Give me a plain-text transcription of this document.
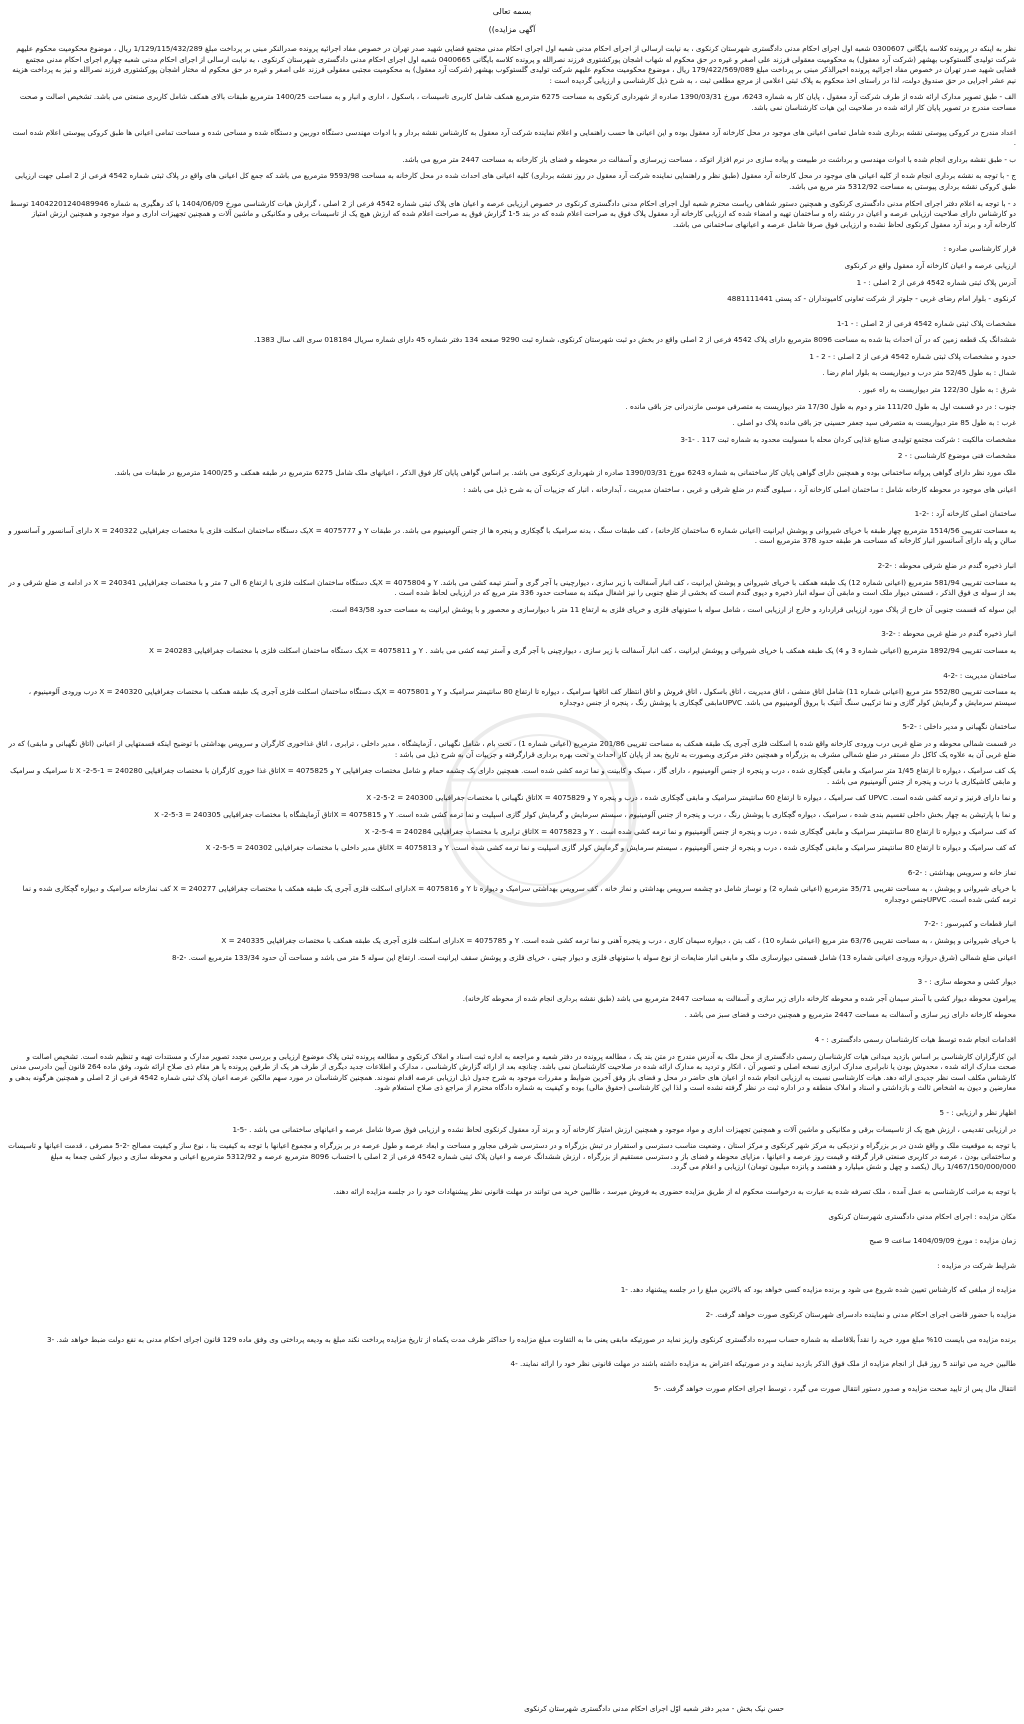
بسمه تعالی
آگهی مزایده))
نظر به اینکه در پرونده کلاسه بایگانی 0300607 شعبه اول اجرای احکام مدنی دادگستری شهرستان کرنکوی ، به نیابت ارسالی از اجرای احکام مدنی شعبه اول اجرای احکام مدنی مجتمع قضایی شهید صدر تهران در خصوص مفاد اجرائیه پرونده صدرالنکر مبنی بر پرداخت مبلغ 1/129/115/432/289 ریال ، موضوع محکومیت محکوم علیهم شرکت تولیدی گلستوکوب بهشهر (شرکت آرد معقول) به محکومیت معقولی فرزند علی اصغر و غیره در حق محکوم له شهاب اشجان پورکشتوری فرزند نصرالله و پرونده کلاسه بایگانی 0400665 شعبه اول اجرای احکام مدنی دادگستری شهرستان کرنکوی ، به نیابت ارسالی از اجرای احکام مدنی شعبه چهارم اجرای احکام مدنی مجتمع قضایی شهید صدر تهران در خصوص مفاد اجرائیه پرونده اخیرالذکر مبنی بر پرداخت مبلغ 179/422/569/089 ریال ، موضوع محکومیت محکوم علیهم شرکت تولیدی گلستوکوب بهشهر (شرکت آرد معقول) به محکومیت مجتبی معقولی فرزند علی اصغر و غیره در حق محکوم له مختار اشجان پورکشتوری فرزند نصرالله و نیز به پرداخت هزینه نیم عشر اجرایی در حق صندوق دولت، لذا در راستای اخذ محکوم به پلاک ثبتی اعلامی از مرجع مطلعی ثبت ، به شرح ذیل کارشناسی و ارزیابی گردیده است :
الف - طبق تصویر مدارک ارائه شده از طرف شرکت آرد معقول ، پایان کار به شماره 6243، مورخ 1390/03/31 صادره از شهرداری کرنکوی به مساحت 6275 مترمربع همکف شامل کاربری تاسیسات ، باسکول ، اداری و انبار و به مساحت 1400/25 مترمربع طبقات بالای همکف شامل کاربری صنعتی می باشد. تشخیص اصالت و صحت مساحت مندرج در تصویر پایان کار ارائه شده در صلاحیت این هیات کارشناسان نمی باشد.
اعداد مندرج در کروکی پیوستی نقشه برداری شده شامل تمامی اعیانی های موجود در محل کارخانه آرد معقول بوده و این اعیانی ها حسب راهنمایی و اعلام نماینده شرکت آرد معقول به کارشناس نقشه بردار و با ادوات مهندسی دستگاه دوربین و دستگاه شده و مساحی شده و مساحت تمامی اعیانی ها طبق کروکی پیوستی اعلام شده است .
ب - طبق نقشه برداری انجام شده با ادوات مهندسی و برداشت در طبیعت و پیاده سازی در نرم افزار اتوکد ، مساحت زیرسازی و آسفالت در محوطه و فضای باز کارخانه به مساحت 2447 متر مربع می باشد.
ج - با توجه به نقشه برداری انجام شده از کلیه اعیانی های موجود در محل کارخانه آرد معقول (طبق نظر و راهنمایی نماینده شرکت آرد معقول در روز نقشه برداری) کلیه اعیانی های احداث شده در محل کارخانه به مساحت 9593/98 مترمربع می باشد که جمع کل اعیانی های واقع در پلاک ثبتی شماره 4542 فرعی از 2 اصلی جهت ارزیابی طبق کروکی نقشه برداری پیوستی به مساحت 5312/92 متر مربع می باشد.
د - با توجه به اعلام دفتر اجرای احکام مدنی دادگستری کرنکوی و همچنین دستور شفاهی ریاست محترم شعبه اول اجرای احکام مدنی دادگستری کرنکوی در خصوص ارزیابی عرصه و اعیان های پلاک ثبتی شماره 4542 فرعی از 2 اصلی ، گزارش هیات کارشناسی مورخ 1404/06/09 با کد رهگیری به شماره 14042201240489946 توسط دو کارشناس دارای صلاحیت ارزیابی عرصه و اعیان در رشته راه و ساختمان تهیه و امضاء شده که ارزیابی کارخانه آرد معقول پلاک فوق به صراحت اعلام شده که در بند 5-1 گزارش فوق به صراحت اعلام شده که ارزش هیچ یک از تاسیسات برقی و مکانیکی و ماشین آلات و همچنین تجهیزات اداری و مواد موجود و همچنین ارزش امتیاز کارخانه آرد و برند آرد معقول کرنکوی لحاظ نشده و ارزیابی فوق صرفا شامل عرصه و اعیانهای ساختمانی می باشد.
قرار کارشناسی صادره :
ارزیابی عرصه و اعیان کارخانه آرد معقول واقع در کرنکوی
آدرس پلاک ثبتی شماره 4542 فرعی از 2 اصلی : - 1
کرنکوی - بلوار امام رضای غربی - جلوتر از شرکت تعاونی کامیونداران - کد پستی 4881111441
مشخصات پلاک ثبتی شماره 4542 فرعی از 2 اصلی : - 1-1
ششدانگ یک قطعه زمین که در آن احداث بنا شده به مساحت 8096 مترمربع دارای پلاک 4542 فرعی از 2 اصلی واقع در بخش دو ثبت شهرستان کرنکوی، شماره ثبت 9290 صفحه 134 دفتر شماره 45 دارای شماره سریال 018184 سری الف سال 1383.
حدود و مشخصات پلاک ثبتی شماره 4542 فرعی از 2 اصلی : - 2 - 1
شمال : به طول 52/45 متر درب و دیواریست به بلوار امام رضا .
شرق : به طول 122/30 متر دیواریست به راه عبور .
جنوب : در دو قسمت اول به طول 111/20 متر و دوم به طول 17/30 متر دیواریست به متصرفی موسی مازندرانی جز باقی مانده .
غرب : به طول 85 متر دیواریست به متصرفی سید جعفر حسینی جز باقی مانده پلاک دو اصلی .
مشخصات مالکیت : شرکت مجتمع تولیدی صنایع غذایی کردان محله با مسولیت محدود به شماره ثبت 117 . -1-3
مشخصات فنی موضوع کارشناسی : - 2
ملک مورد نظر دارای گواهی پروانه ساختمانی بوده و همچنین دارای گواهی پایان کار ساختمانی به شماره 6243 مورخ 1390/03/31 صادره از شهرداری کرنکوی می باشد. بر اساس گواهی پایان کار فوق الذکر ، اعیانهای ملک شامل 6275 مترمربع در طبقه همکف و 1400/25 مترمربع در طبقات می باشد.
اعیانی های موجود در محوطه کارخانه شامل : ساختمان اصلی کارخانه آرد ، سیلوی گندم در ضلع شرقی و غربی ، ساختمان مدیریت ، آبدارخانه ، انبار که جزییات آن به شرح ذیل می باشد :
ساختمان اصلی کارخانه آرد : -2-1
به مساحت تقریبی 1514/56 مترمربع چهار طبقه با خرپای شیروانی و پوشش ایرانیت (اعیانی شماره 6 ساختمان کارخانه) ، کف طبقات سنگ ، بدنه سرامیک با گچکاری و پنجره ها از جنس آلومینیوم می باشد. در طبقات Y و 4075777 = Xیک دستگاه ساختمان اسکلت فلزی با مختصات جغرافیایی 240322 = X دارای آسانسور و آسانسور و سالن و پله دارای آسانسور انبار کارخانه که مساحت هر طبقه حدود 378 مترمربع است .
انبار ذخیره گندم در ضلع شرقی محوطه : -2-2
به مساحت تقریبی 581/94 مترمربع (اعیانی شماره 12) یک طبقه همکف با خرپای شیروانی و پوشش ایرانیت ، کف انبار آسفالت با زیر سازی ، دیوارچینی با آجر گری و آستر تیمه کشی می باشد. Y و 4075804 = Xیک دستگاه ساختمان اسکلت فلزی با ارتفاع 6 الی 7 متر و با مختصات جغرافیایی 240341 = X در ادامه ی ضلع شرقی و در بعد از سوله ی فوق الذکر ، قسمتی دیوار ملک است و مابقی آن سوله انبار ذخیره و دپوی گندم است که بخشی از ضلع جنوبی را نیز اشغال میکند به مساحت حدود 336 متر مربع که در ارزیابی لحاظ شده است .
این سوله که قسمت جنوبی آن خارج از پلاک مورد ارزیابی قراردارد و خارج از ارزیابی است ، شامل سوله با ستونهای فلزی و خرپای فلزی به ارتفاع 11 متر با دیوارسازی و محصور و با پوشش ایرانیت به مساحت حدود 843/58 است.
انبار ذخیره گندم در ضلع غربی محوطه : -2-3
به مساحت تقریبی 1892/94 مترمربع (اعیانی شماره 3 و 4) یک طبقه همکف با خرپای شیروانی و پوشش ایرانیت ، کف انبار آسفالت با زیر سازی ، دیوارچینی با آجر گری و آستر تیمه کشی می باشد . Y و 4075811 = Xیک دستگاه ساختمان اسکلت فلزی با مختصات جغرافیایی 240283 = X
ساختمان مدیریت : -2-4
به مساحت تقریبی 552/80 متر مربع (اعیانی شماره 11) شامل اتاق منشی ، اتاق مدیریت ، اتاق باسکول ، اتاق فروش و اتاق انتظار کف اتاقها سرامیک ، دیواره تا ارتفاع 80 سانتیمتر سرامیک و Y و 4075801 = Xیک دستگاه ساختمان اسکلت فلزی آجری یک طبقه همکف با مختصات جغرافیایی 240320 = X درب ورودی آلومینیوم ، سیستم سرمایش و گرمایش کولر گازی و نما ترکیبی سنگ آنتیک با بروق آلومینیوم می باشد. UPVCمابقی گچکاری با پوشش رنگ ، پنجره از جنس دوجداره
ساختمان نگهبانی و مدیر داخلی : -2-5
در قسمت شمالی محوطه و در ضلع غربی درب ورودی کارخانه واقع شده با اسکلت فلزی آجری یک طبقه همکف به مساحت تقریبی 201/86 مترمربع (اعیانی شماره 1) ، تحت بام ، شامل نگهبانی ، آزمایشگاه ، مدیر داخلی ، ترابری ، اتاق غذاخوری کارگران و سرویس بهداشتی با توضیح اینکه قسمتهایی از اعیانی (اتاق نگهبانی و مابقی) که در ضلع غربی آن به علاوه یک کاکل دار مستقر در ضلع شمالی مشرف به بزرگراه و همچنین دفتر مرکزی وبصورت به تاریخ بعد از پایان کار احداث و تحت بهره برداری قرارگرفته و جزییات آن به شرح ذیل می باشد :
یک کف سرامیک ، دیواره تا ارتفاع 1/45 متر سرامیک و مابقی گچکاری شده ، درب و پنجره از جنس آلومینیوم ، دارای گاز ، سینک و کابینت و نما ترمه کشی شده است. همچنین دارای یک چشمه حمام و شامل مختصات جغرافیایی Y و 4075825 = Xاتاق غذا خوری کارگران با مختصات جغرافیایی 240280 = X -2-5-1 تا سرامیک و سرامیک و مابقی کاشیکاری با درب و پنجره از جنس آلومینیوم می باشد .
و نما دارای قرنیز و ترمه کشی شده است. UPVC کف سرامیک ، دیواره تا ارتفاع 60 سانتیمتر سرامیک و مابقی گچکاری شده ، درب و پنجره Y و 4075829 = Xاتاق نگهبانی با مختصات جغرافیایی 240300 = X -2-5-2
و نما با پارتیشن به چهار بخش داخلی تقسیم بندی شده ، سرامیک ، دیواره گچکاری با پوشش رنگ ، درب و پنجره از جنس آلومینیوم ، سیستم سرمایش و گرمایش کولر گازی اسپلیت و نما ترمه کشی شده است. Y و 4075815 = Xاتاق آزمایشگاه با مختصات جغرافیایی 240305 = X -2-5-3
که کف سرامیک و دیواره تا ارتفاع 80 سانتیمتر سرامیک و مابقی گچکاری شده ، درب و پنجره از جنس آلومینیوم و نما ترمه کشی شده است . Y و 4075823 = Xاتاق ترابری با مختصات جغرافیایی 240284 = X -2-5-4
که کف سرامیک و دیواره تا ارتفاع 80 سانتیمتر سرامیک و مابقی گچکاری شده ، درب و پنجره از جنس آلومینیوم ، سیستم سرمایش و گرمایش کولر گازی اسپلیت و نما ترمه کشی شده است. Y و 4075813 = Xاتاق مدیر داخلی با مختصات جغرافیایی 240302 = X -2-5-5
نماز خانه و سرویس بهداشتی : -2-6
با خرپای شیروانی و پوشش ، به مساحت تقریبی 35/71 مترمربع (اعیانی شماره 2) و نوساز شامل دو چشمه سرویس بهداشتی و نماز خانه ، کف سرویس بهداشتی سرامیک و دیواره تا Y و 4075816 = Xدارای اسکلت فلزی آجری یک طبقه همکف با مختصات جغرافیایی 240277 = X کف نمازخانه سرامیک و دیواره گچکاری شده و نما ترمه کشی شده است. UPVCجنس دوجداره
انبار قطعات و کمپرسور : -2-7
با خرپای شیروانی و پوشش ، به مساحت تقریبی 63/76 متر مربع (اعیانی شماره 10) ، کف بتن ، دیواره سیمان کاری ، درب و پنجره آهنی و نما ترمه کشی شده است. Y و 4075785 = Xدارای اسکلت فلزی آجری یک طبقه همکف با مختصات جغرافیایی 240335 = X
اعیانی ضلع شمالی (شرق دروازه ورودی اعیانی شماره 13) شامل قسمتی دیوارسازی ملک و مابقی انبار ضایعات از نوع سوله با ستونهای فلزی و دیوار چینی ، خرپای فلزی و پوشش سقف ایرانیت است. ارتفاع این سوله 5 متر می باشد و مساحت آن حدود 133/34 مترمربع است. -2-8
دیوار کشی و محوطه سازی : - 3
پیرامون محوطه دیوار کشی با آستر سیمان آجر شده و محوطه کارخانه دارای زیر سازی و آسفالت به مساحت 2447 مترمربع می باشد (طبق نقشه برداری انجام شده از محوطه کارخانه).
محوطه کارخانه دارای زیر سازی و آسفالت به مساحت 2447 مترمربع و همچنین درخت و فضای سبز می باشد .
اقدامات انجام شده توسط هیات کارشناسان رسمی دادگستری : - 4
این کارگزاران کارشناسی بر اساس بازدید میدانی هیات کارشناسان رسمی دادگستری از محل ملک به آدرس مندرج در متن بند یک ، مطالعه پرونده در دفتر شعبه و مراجعه به اداره ثبت اسناد و املاک کرنکوی و مطالعه پرونده ثبتی پلاک موضوع ارزیابی و بررسی مجدد تصویر مدارک و مستندات تهیه و تنظیم شده است. تشخیص اصالت و صحت مدارک ارائه شده ، محدوش بودن یا نابرابری مدارک ابرازی نسخه اصلی و تصویر آن ، انکار و تردید به مدارک ارائه شده در صلاحیت کارشناسان نمی باشد. چنانچه بعد از ارائه گزارش کارشناسی ، مدارک و اطلاعات جدید دیگری از طرف هر یک از طرفین پرونده یا هر مقام ذی صلاح ارائه شود، وفق ماده 264 قانون آیین دادرسی مدنی کارشناس مکلف است نظر جدیدی ارائه دهد. هیات کارشناسی نسبت به ارزیابی انجام شده از اعیان های حاضر در محل و فضای باز وفق آخرین ضوابط و مقررات موجود به شرح جدول ذیل ارزیابی عرصه اقدام نمودند. همچنین کارشناسان در مورد سهم مالکین عرصه اعیان پلاک ثبتی شماره 4542 فرعی از 2 اصلی و همچنین هرگونه بدهی و معارضین و دیون به اشخاص ثالث و بازداشتی و اسناد و املاک منطقه و در اداره ثبت در نظر گرفته نشده است و لذا این کارشناسی (حقوق مالی) بوده و کیفیت به شماره دادگاه محترم از مراجع ذی صلاح استعلام شود.
اظهار نظر و ارزیابی : - 5
در ارزیابی تقدیمی ، ارزش هیچ یک از تاسیسات برقی و مکانیکی و ماشین آلات و همچنین تجهیزات اداری و مواد موجود و همچنین ارزش امتیاز کارخانه آرد و برند آرد معقول کرنکوی لحاظ نشده و ارزیابی فوق صرفا شامل عرصه و اعیانهای ساختمانی می باشد . -5-1
با توجه به موقعیت ملک و واقع شدن در بر بزرگراه و نزدیکی به مرکز شهر کرنکوی و مرکز استان ، وضعیت مناسب دسترسی و استقرار در تبش بزرگراه و در دسترسی شرقی مجاور و مساحت و ابعاد عرصه و طول عرصه در بر بزرگراه و مجموع اعیانها با توجه به کیفیت بنا ، نوع ساز و کیفیت مصالح -2-5 مصرفی ، قدمت اعیانها و تاسیسات و ساختمانی بودن ، عرصه در کاربری صنعتی قرار گرفته و قیمت روز عرصه و اعیانها ، مزایای محوطه و فضای باز و دسترسی مستقیم از بزرگراه ، ارزش ششدانگ عرصه و اعیان پلاک ثبتی شماره 4542 فرعی از 2 اصلی با احتساب 8096 مترمربع عرصه و 5312/92 مترمربع اعیانی و محوطه سازی و دیوار کشی جمعا به مبلغ 1/467/150/000/000 ریال (یکصد و چهل و شش میلیارد و هفتصد و پانزده میلیون تومان) ارزیابی و اعلام می گردد.
با توجه به مراتب کارشناسی به عمل آمده ، ملک تصرفه شده به عبارت به درخواست محکوم له از طریق مزایده حضوری به فروش میرسد ، طالبین خرید می توانند در مهلت قانونی نظر پیشنهادات خود را در جلسه مزایده ارائه دهند.
مکان مزایده : اجرای احکام مدنی دادگستری شهرستان کرنکوی
زمان مزایده : مورخ 1404/09/09 ساعت 9 صبح
شرایط شرکت در مزایده :
مزایده از مبلغی که کارشناس تعیین شده شروع می شود و برنده مزایده کسی خواهد بود که بالاترین مبلغ را در جلسه پیشنهاد دهد. -1
مزایده با حضور قاضی اجرای احکام مدنی و نماینده دادسرای شهرستان کرنکوی صورت خواهد گرفت. -2
برنده مزایده می بایست 10% مبلغ مورد خرید را نقداً بلافاصله به شماره حساب سپرده دادگستری کرنکوی واریز نماید در صورتیکه مابقی یعنی ما به التفاوت مبلغ مزایده را حداکثر ظرف مدت یکماه از تاریخ مزایده پرداخت نکند مبلغ به ودیعه پرداختی وی وفق ماده 129 قانون اجرای احکام مدنی به نفع دولت ضبط خواهد شد. -3
طالبین خرید می توانند 5 روز قبل از انجام مزایده از ملک فوق الذکر بازدید نمایند و در صورتیکه اعتراض به مزایده داشته باشند در مهلت قانونی نظر خود را ارائه نمایند. -4
انتقال مال پس از تایید صحت مزایده و صدور دستور انتقال صورت می گیرد ، توسط اجرای احکام صورت خواهد گرفت. -5
حسن نیک بخش - مدیر دفتر شعبه اوّل اجرای احکام مدنی دادگستری شهرستان کرنکوی
